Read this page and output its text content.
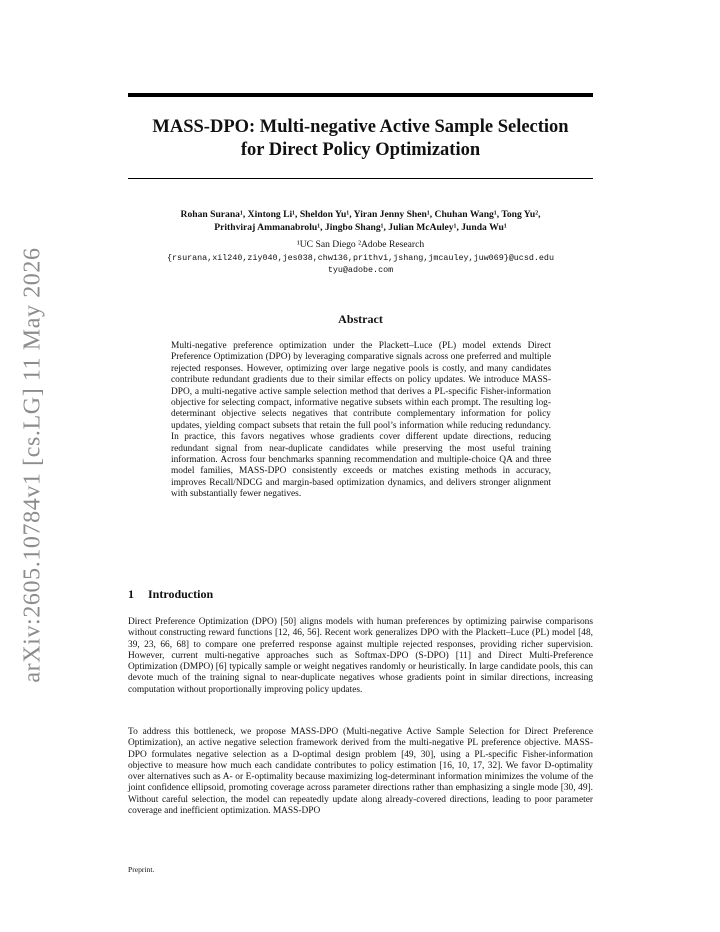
arXiv:2605.10784v1 [cs.LG] 11 May 2026
MASS-DPO: Multi-negative Active Sample Selection
for Direct Policy Optimization
Rohan Surana¹, Xintong Li¹, Sheldon Yu¹, Yiran Jenny Shen¹, Chuhan Wang¹, Tong Yu²,
Prithviraj Ammanabrolu¹, Jingbo Shang¹, Julian McAuley¹, Junda Wu¹
¹UC San Diego ²Adobe Research
{rsurana,xil240,ziy040,jes038,chw136,prithvi,jshang,jmcauley,juw069}@ucsd.edu
tyu@adobe.com
Abstract
Multi-negative preference optimization under the Plackett–Luce (PL) model extends Direct Preference Optimization (DPO) by leveraging comparative signals across one preferred and multiple rejected responses. However, optimizing over large negative pools is costly, and many candidates contribute redundant gradients due to their similar effects on policy updates. We introduce MASS-DPO, a multi-negative active sample selection method that derives a PL-specific Fisher-information objective for selecting compact, informative negative subsets within each prompt. The resulting log-determinant objective selects negatives that contribute complementary information for policy updates, yielding compact subsets that retain the full pool’s information while reducing redundancy. In practice, this favors negatives whose gradients cover different update directions, reducing redundant signal from near-duplicate candidates while preserving the most useful training information. Across four benchmarks spanning recommendation and multiple-choice QA and three model families, MASS-DPO consistently exceeds or matches existing methods in accuracy, improves Recall/NDCG and margin-based optimization dynamics, and delivers stronger alignment with substantially fewer negatives.
1 Introduction
Direct Preference Optimization (DPO) [50] aligns models with human preferences by optimizing pairwise comparisons without constructing reward functions [12, 46, 56]. Recent work generalizes DPO with the Plackett–Luce (PL) model [48, 39, 23, 66, 68] to compare one preferred response against multiple rejected responses, providing richer supervision. However, current multi-negative approaches such as Softmax-DPO (S-DPO) [11] and Direct Multi-Preference Optimization (DMPO) [6] typically sample or weight negatives randomly or heuristically. In large candidate pools, this can devote much of the training signal to near-duplicate negatives whose gradients point in similar directions, increasing computation without proportionally improving policy updates.
To address this bottleneck, we propose MASS-DPO (Multi-negative Active Sample Selection for Direct Preference Optimization), an active negative selection framework derived from the multi-negative PL preference objective. MASS-DPO formulates negative selection as a D-optimal design problem [49, 30], using a PL-specific Fisher-information objective to measure how much each candidate contributes to policy estimation [16, 10, 17, 32]. We favor D-optimality over alternatives such as A- or E-optimality because maximizing log-determinant information minimizes the volume of the joint confidence ellipsoid, promoting coverage across parameter directions rather than emphasizing a single mode [30, 49]. Without careful selection, the model can repeatedly update along already-covered directions, leading to poor parameter coverage and inefficient optimization. MASS-DPO
Preprint.
